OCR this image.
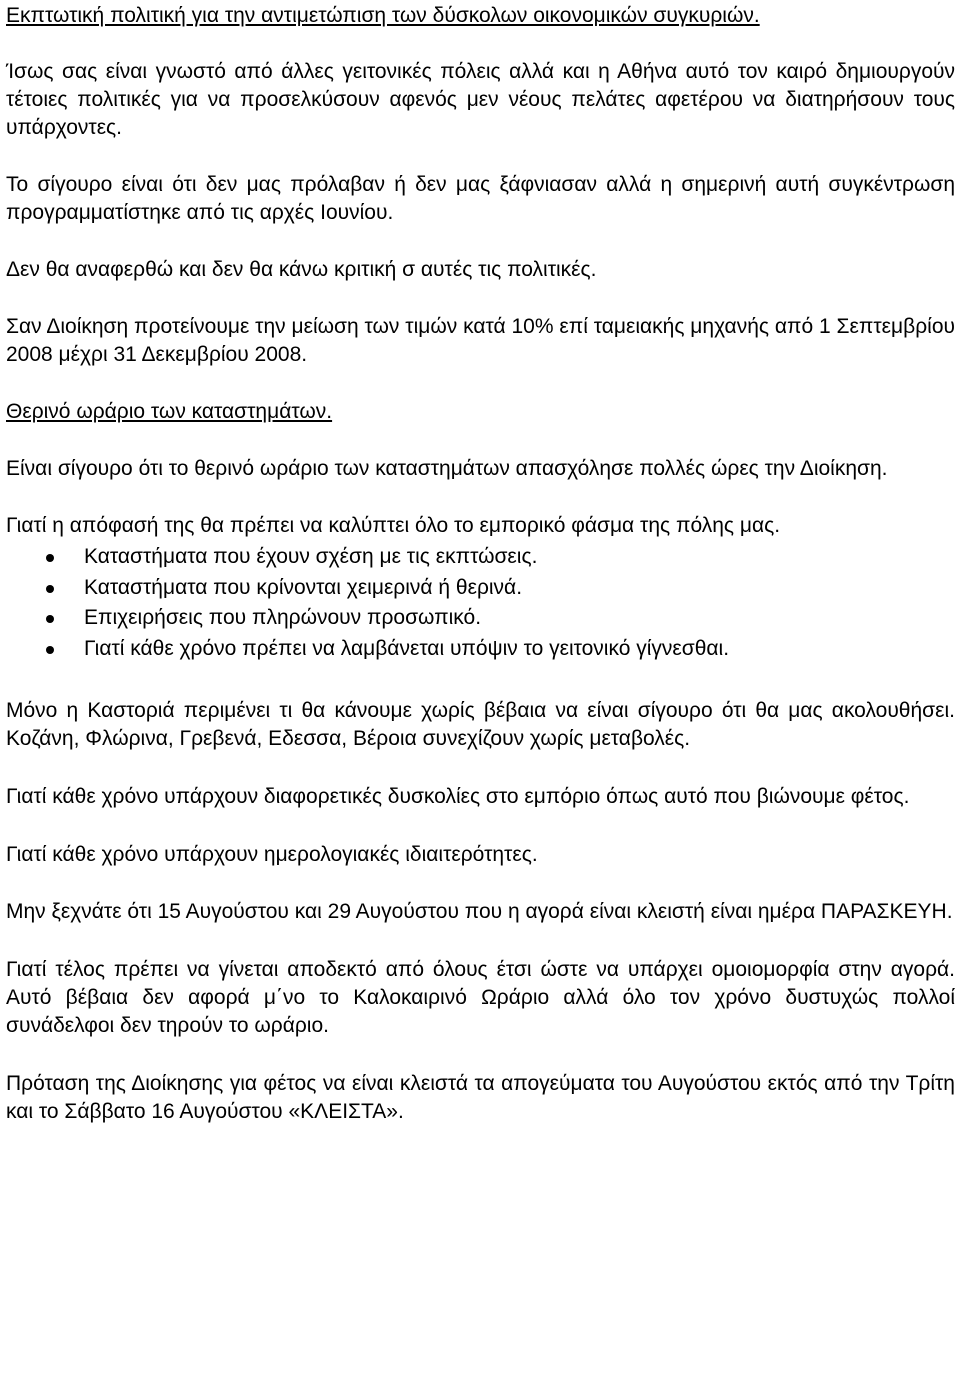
Εκπτωτική πολιτική για την αντιμετώπιση των δύσκολων οικονομικών συγκυριών.

Ίσως σας είναι γνωστό από άλλες γειτονικές πόλεις αλλά και η Αθήνα αυτό τον καιρό δημιουργούν τέτοιες πολιτικές για να προσελκύσουν αφενός μεν νέους πελάτες αφετέρου να διατηρήσουν τους υπάρχοντες.

Το σίγουρο είναι ότι δεν μας πρόλαβαν ή δεν μας ξάφνιασαν αλλά η σημερινή αυτή συγκέντρωση προγραμματίστηκε από τις αρχές Ιουνίου.

Δεν θα αναφερθώ και δεν θα κάνω κριτική σ αυτές τις πολιτικές.

Σαν Διοίκηση προτείνουμε την μείωση των τιμών κατά 10% επί ταμειακής μηχανής από 1 Σεπτεμβρίου 2008 μέχρι 31 Δεκεμβρίου 2008.

Θερινό ωράριο των καταστημάτων.

Είναι σίγουρο ότι το θερινό ωράριο των καταστημάτων απασχόλησε πολλές ώρες την Διοίκηση.

Γιατί η απόφασή της θα πρέπει να καλύπτει όλο το εμπορικό φάσμα της πόλης μας.

Καταστήματα που έχουν σχέση με τις εκπτώσεις.
Καταστήματα που κρίνονται χειμερινά ή θερινά.
Επιχειρήσεις που πληρώνουν προσωπικό.
Γιατί κάθε χρόνο πρέπει να λαμβάνεται υπόψιν το γειτονικό γίγνεσθαι.

Μόνο η Καστοριά περιμένει τι θα κάνουμε χωρίς βέβαια να είναι σίγουρο ότι θα μας ακολουθήσει. Κοζάνη, Φλώρινα, Γρεβενά, Εδεσσα, Βέροια συνεχίζουν χωρίς μεταβολές.

Γιατί κάθε χρόνο υπάρχουν διαφορετικές δυσκολίες στο εμπόριο όπως αυτό που βιώνουμε φέτος.

Γιατί κάθε χρόνο υπάρχουν ημερολογιακές ιδιαιτερότητες.

Μην ξεχνάτε ότι 15 Αυγούστου και 29 Αυγούστου που η αγορά είναι κλειστή είναι ημέρα ΠΑΡΑΣΚΕΥΗ.

Γιατί τέλος πρέπει να γίνεται αποδεκτό από όλους έτσι ώστε να υπάρχει ομοιομορφία στην αγορά. Αυτό βέβαια δεν αφορά μ΄νο το Καλοκαιρινό Ωράριο αλλά όλο τον χρόνο δυστυχώς πολλοί συνάδελφοι δεν τηρούν το ωράριο.

Πρόταση της Διοίκησης για φέτος να είναι κλειστά τα απογεύματα του Αυγούστου εκτός από την Τρίτη και το Σάββατο 16 Αυγούστου «ΚΛΕΙΣΤΑ».
